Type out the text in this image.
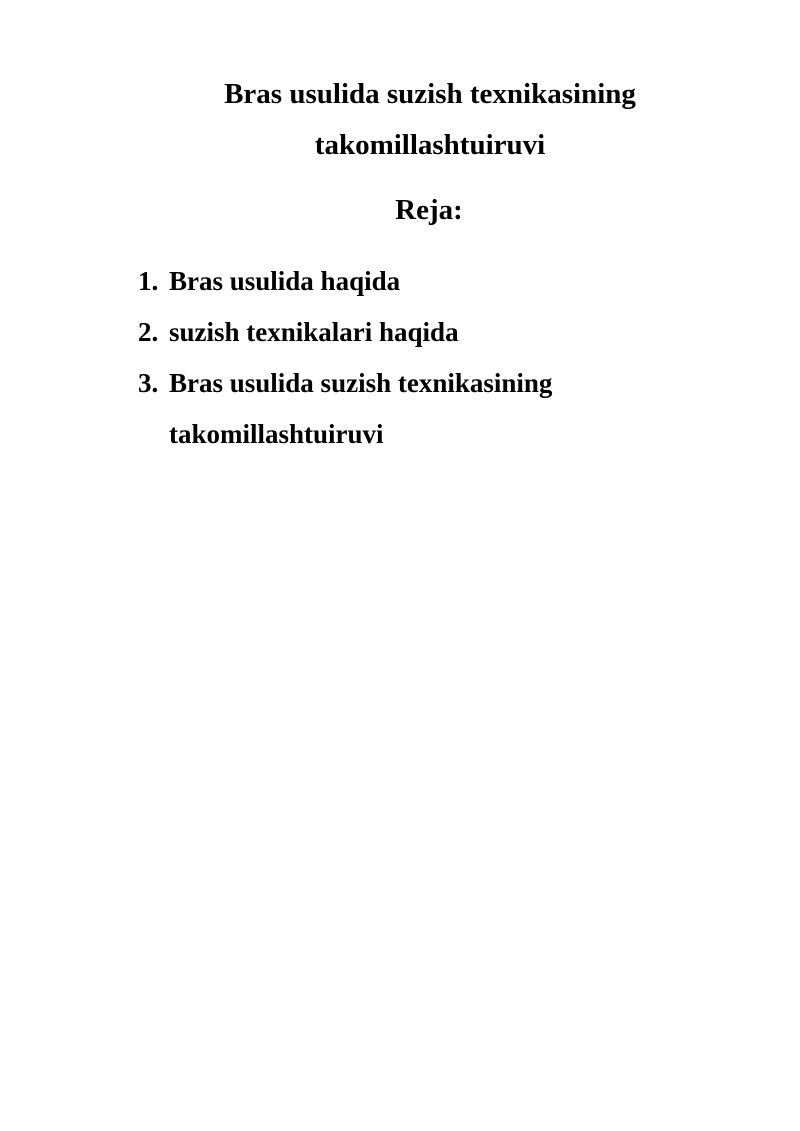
Bras usulida suzish texnikasining
takomillashtuiruvi
Reja:
1. Bras usulida haqida
2. suzish texnikalari haqida
3. Bras usulida suzish texnikasining
takomillashtuiruvi
